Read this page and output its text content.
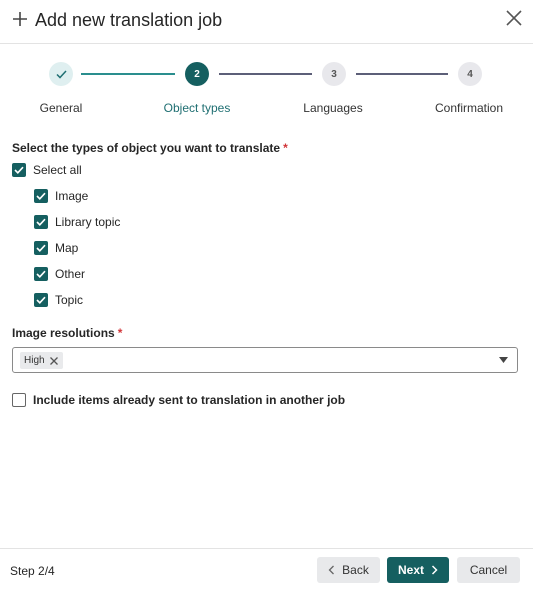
Add new translation job
2	3	4
General	Object types	Languages	Confirmation
Select the types of object you want to translate *
Select all
Image
Library topic
Map
Other
Topic
Image resolutions *
High
Include items already sent to translation in another job
Step 2/4	Back Next	Cancel
